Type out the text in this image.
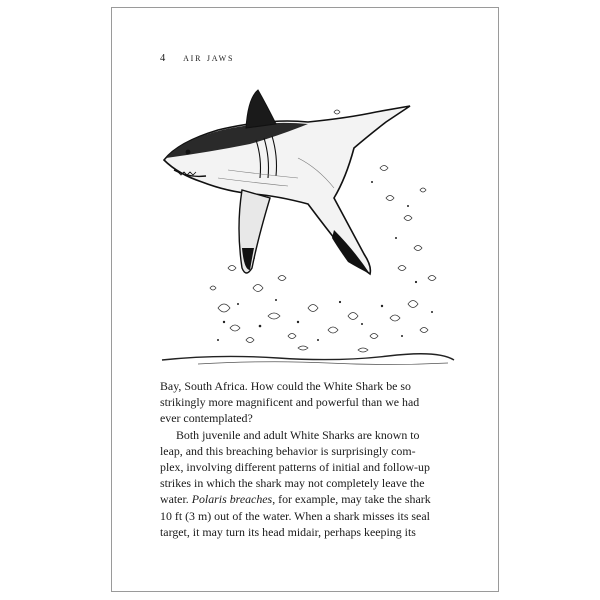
4 air jaws

Bay, South Africa. How could the White Shark be so
strikingly more magnificent and powerful than we had
ever contemplated?

Both juvenile and adult White Sharks are known to
leap, and this breaching behavior is surprisingly com-
plex, involving different patterns of initial and follow-up
strikes in which the shark may not completely leave the
water. Polaris breaches, for example, may take the shark
10 ft (3 m) out of the water. When a shark misses its seal
target, it may turn its head midair, perhaps keeping its
